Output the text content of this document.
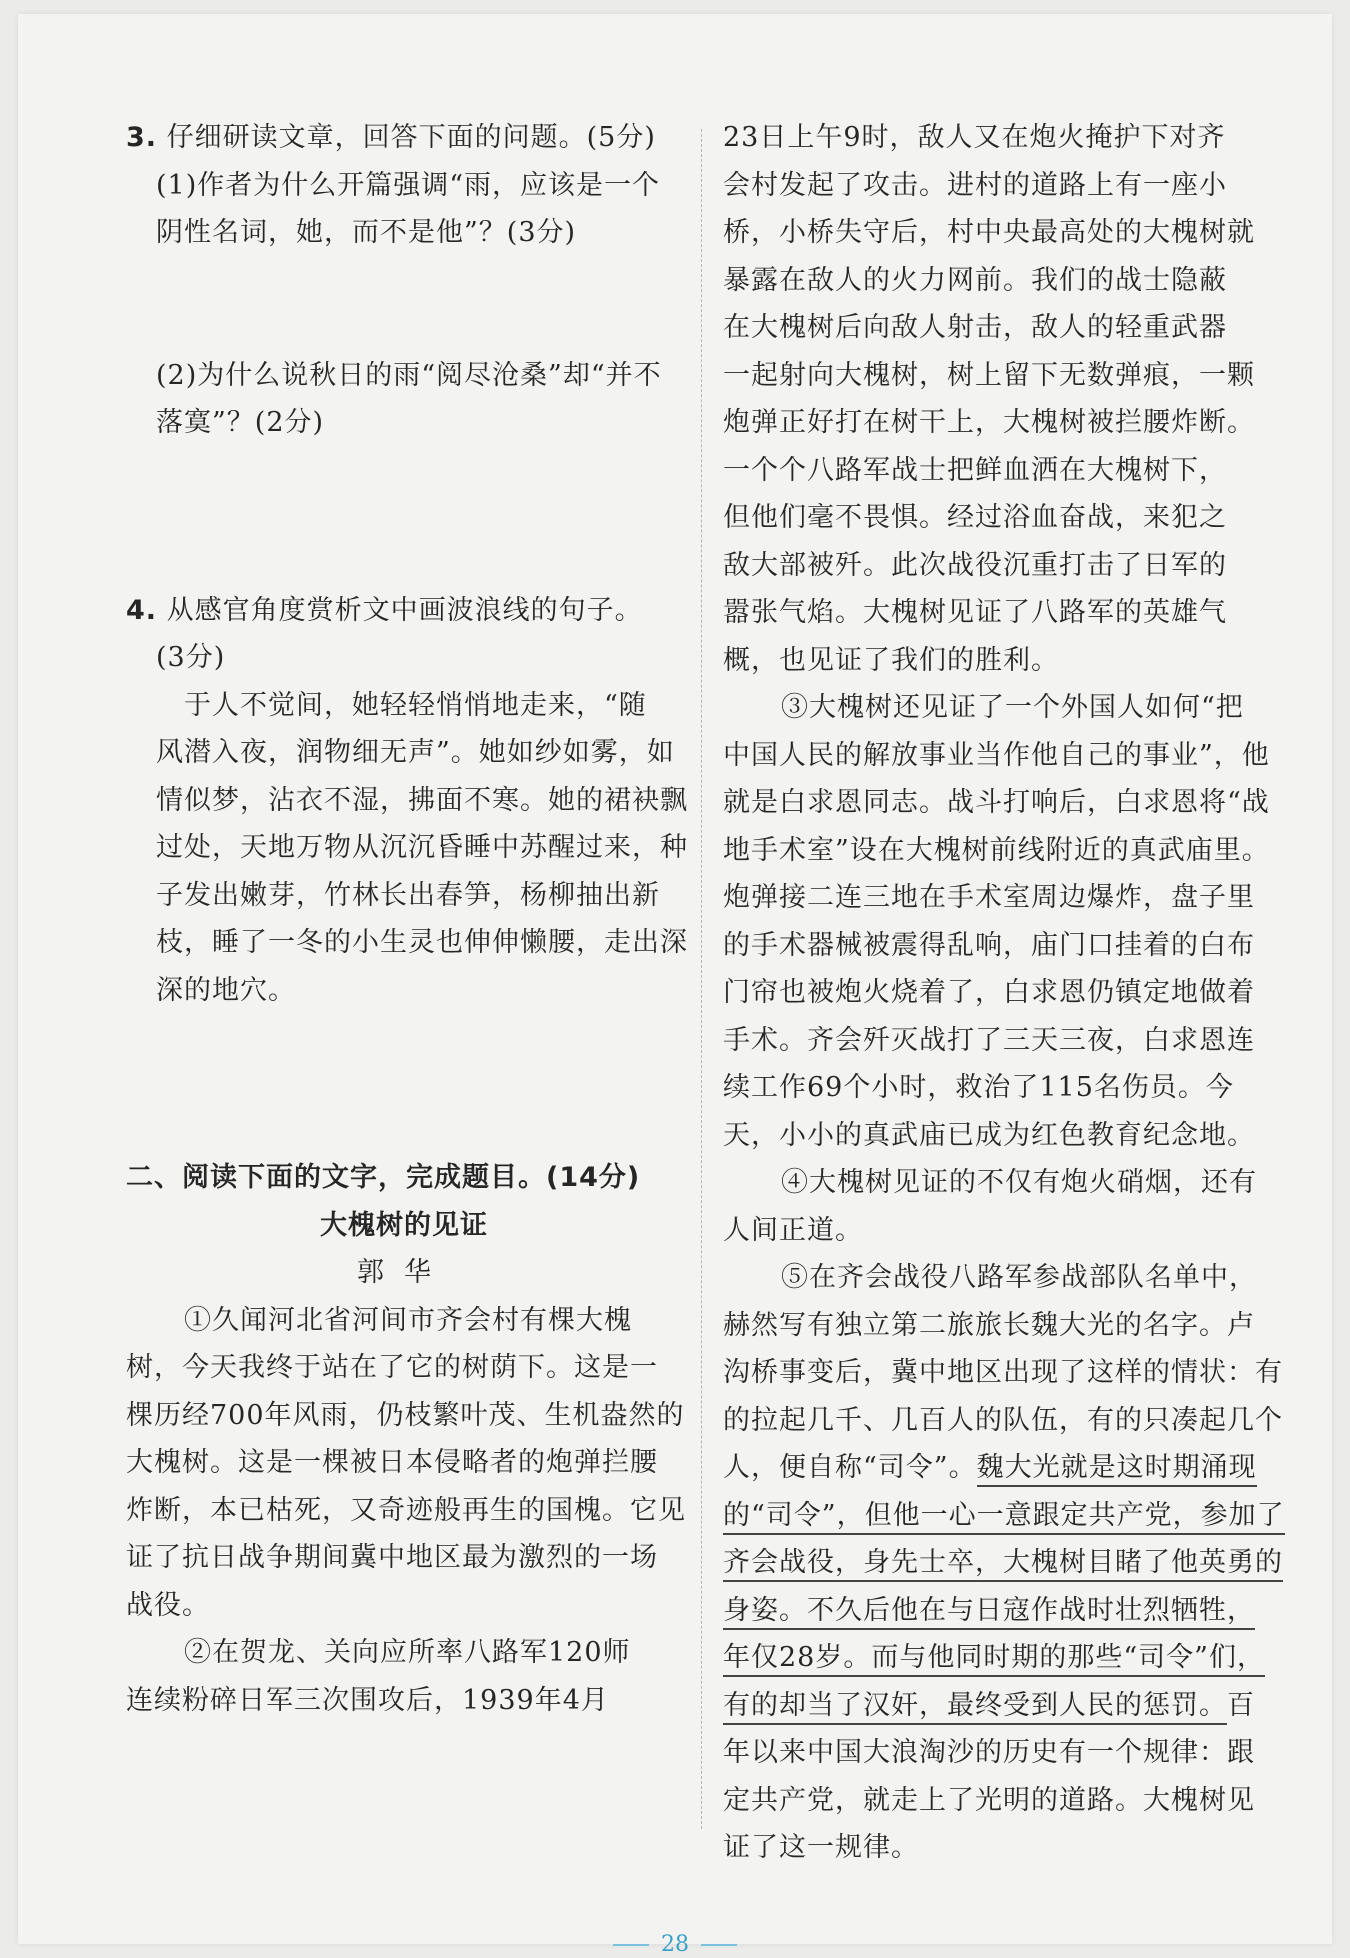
3. 仔细研读文章，回答下面的问题。(5分)
(1)作者为什么开篇强调“雨，应该是一个
阴性名词，她，而不是他”？(3分)
(2)为什么说秋日的雨“阅尽沧桑”却“并不
落寞”？(2分)
4. 从感官角度赏析文中画波浪线的句子。
(3分)
于人不觉间，她轻轻悄悄地走来，“随
风潜入夜，润物细无声”。她如纱如雾，如
情似梦，沾衣不湿，拂面不寒。她的裙袂飘
过处，天地万物从沉沉昏睡中苏醒过来，种
子发出嫩芽，竹林长出春笋，杨柳抽出新
枝，睡了一冬的小生灵也伸伸懒腰，走出深
深的地穴。
二、阅读下面的文字，完成题目。(14分)
大槐树的见证
郭华
①久闻河北省河间市齐会村有棵大槐
树，今天我终于站在了它的树荫下。这是一
棵历经700年风雨，仍枝繁叶茂、生机盎然的
大槐树。这是一棵被日本侵略者的炮弹拦腰
炸断，本已枯死，又奇迹般再生的国槐。它见
证了抗日战争期间冀中地区最为激烈的一场
战役。
②在贺龙、关向应所率八路军120师
连续粉碎日军三次围攻后，1939年4月
23日上午9时，敌人又在炮火掩护下对齐
会村发起了攻击。进村的道路上有一座小
桥，小桥失守后，村中央最高处的大槐树就
暴露在敌人的火力网前。我们的战士隐蔽
在大槐树后向敌人射击，敌人的轻重武器
一起射向大槐树，树上留下无数弹痕，一颗
炮弹正好打在树干上，大槐树被拦腰炸断。
一个个八路军战士把鲜血洒在大槐树下，
但他们毫不畏惧。经过浴血奋战，来犯之
敌大部被歼。此次战役沉重打击了日军的
嚣张气焰。大槐树见证了八路军的英雄气
概，也见证了我们的胜利。
③大槐树还见证了一个外国人如何“把
中国人民的解放事业当作他自己的事业”，他
就是白求恩同志。战斗打响后，白求恩将“战
地手术室”设在大槐树前线附近的真武庙里。
炮弹接二连三地在手术室周边爆炸，盘子里
的手术器械被震得乱响，庙门口挂着的白布
门帘也被炮火烧着了，白求恩仍镇定地做着
手术。齐会歼灭战打了三天三夜，白求恩连
续工作69个小时，救治了115名伤员。今
天，小小的真武庙已成为红色教育纪念地。
④大槐树见证的不仅有炮火硝烟，还有
人间正道。
⑤在齐会战役八路军参战部队名单中，
赫然写有独立第二旅旅长魏大光的名字。卢
沟桥事变后，冀中地区出现了这样的情状：有
的拉起几千、几百人的队伍，有的只凑起几个
人，便自称“司令”。魏大光就是这时期涌现
的“司令”，但他一心一意跟定共产党，参加了
齐会战役，身先士卒，大槐树目睹了他英勇的
身姿。不久后他在与日寇作战时壮烈牺牲，
年仅28岁。而与他同时期的那些“司令”们，
有的却当了汉奸，最终受到人民的惩罚。百
年以来中国大浪淘沙的历史有一个规律：跟
定共产党，就走上了光明的道路。大槐树见
证了这一规律。
28
